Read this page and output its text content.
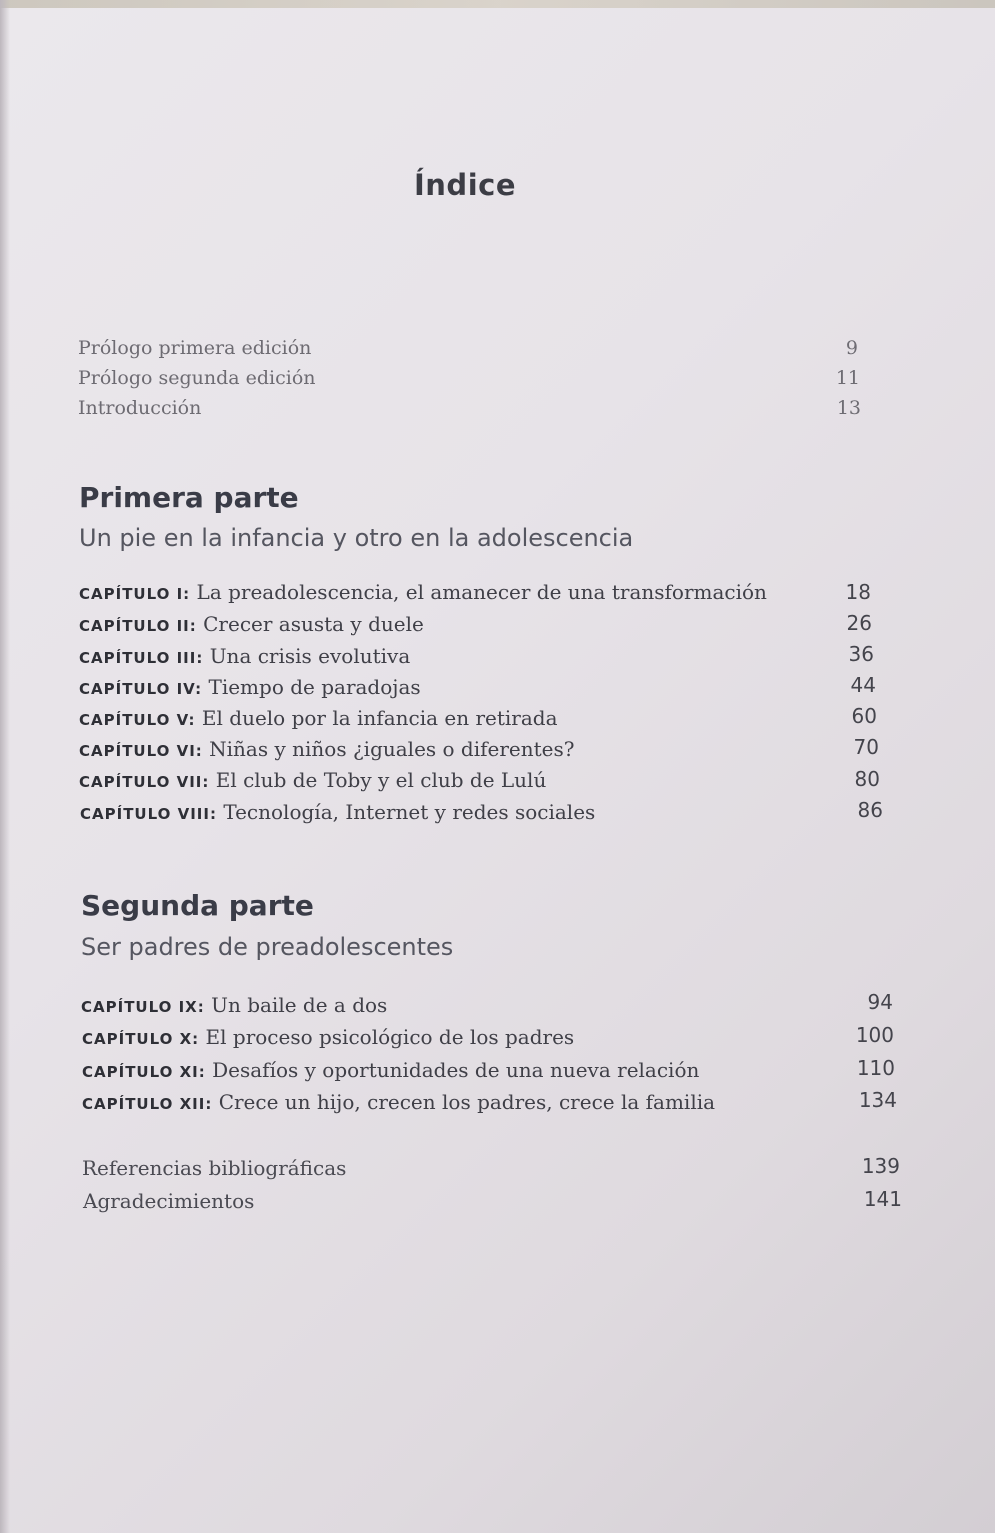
Índice
Prólogo primera edición	9
Prólogo segunda edición	11
Introducción	13
Primera parte
Un pie en la infancia y otro en la adolescencia
CAPÍTULO I: La preadolescencia, el amanecer de una transformación	18
CAPÍTULO II: Crecer asusta y duele	26
CAPÍTULO III: Una crisis evolutiva	36
CAPÍTULO IV: Tiempo de paradojas	44
CAPÍTULO V: El duelo por la infancia en retirada	60
CAPÍTULO VI: Niñas y niños ¿iguales o diferentes?	70
CAPÍTULO VII: El club de Toby y el club de Lulú	80
CAPÍTULO VIII: Tecnología, Internet y redes sociales	86
Segunda parte
Ser padres de preadolescentes
CAPÍTULO IX: Un baile de a dos	94
CAPÍTULO X: El proceso psicológico de los padres	100
CAPÍTULO XI: Desafíos y oportunidades de una nueva relación	110
CAPÍTULO XII: Crece un hijo, crecen los padres, crece la familia	134
Referencias bibliográficas	139
Agradecimientos	141
